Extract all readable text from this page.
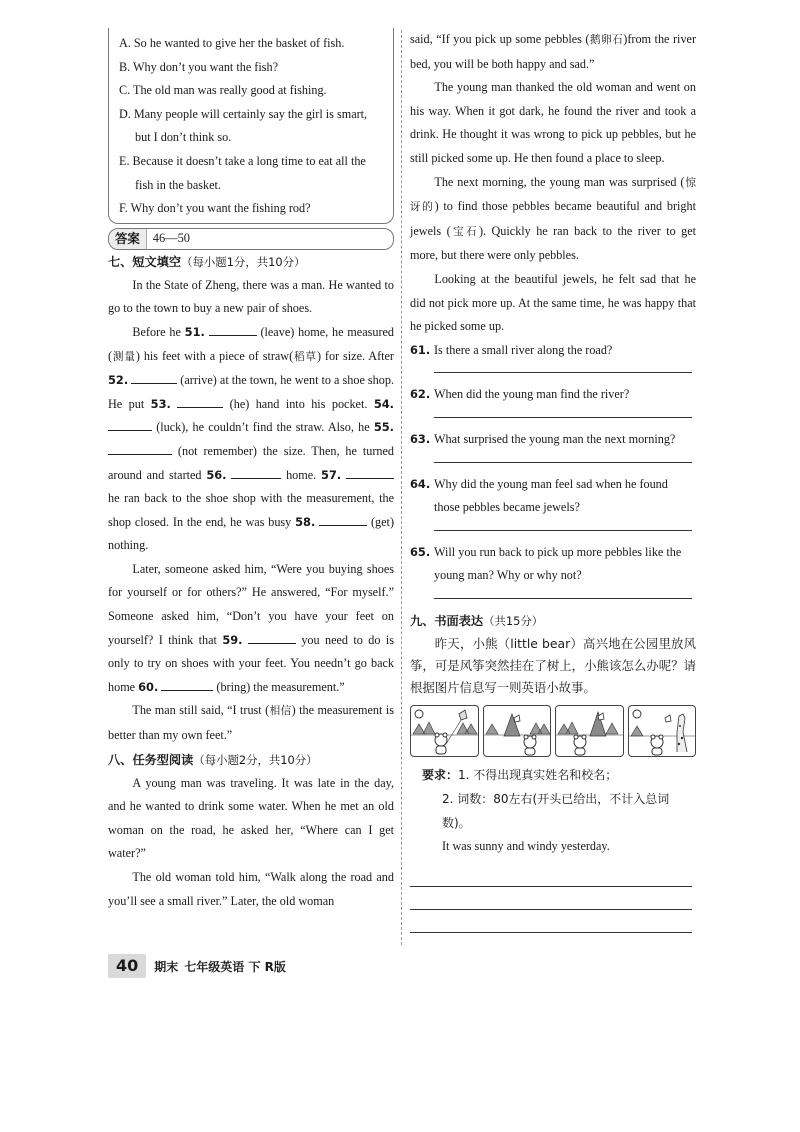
A. So he wanted to give her the basket of fish.

B. Why don’t you want the fish?

C. The old man was really good at fishing.

D. Many people will certainly say the girl is smart, but I don’t think so.

E. Because it doesn’t take a long time to eat all the fish in the basket.

F. Why don’t you want the fishing rod?

答案	46—50
七、短文填空（每小题1分，共10分）

In the State of Zheng, there was a man. He wanted to go to the town to buy a new pair of shoes.

Before he 51.	(leave) home, he measured (测量) his feet with a piece of straw(稻草) for size. After 52.	(arrive) at the town, he went to a shoe shop. He put 53.	(he) hand into his pocket. 54.  (luck), he couldn’t find the straw. Also, he 55.  (not remember) the size. Then, he turned around and started 56.	home. 57.  he ran back to the shoe shop with the measurement, the shop closed. In the end, he was busy 58.	(get) nothing.

Later, someone asked him, “Were you buying shoes for yourself or for others?” He answered, “For myself.” Someone asked him, “Don’t you have your feet on yourself? I think that 59.	you need to do is only to try on shoes with your feet. You needn’t go back home 60.	(bring) the measurement.”

The man still said, “I trust (相信) the measurement is better than my own feet.”

八、任务型阅读（每小题2分，共10分）

A young man was traveling. It was late in the day, and he wanted to drink some water. When he met an old woman on the road, he asked her, “Where can I get water?”

The old woman told him, “Walk along the road and you’ll see a small river.” Later, the old woman

said, “If you pick up some pebbles (鹅卵石)from the river bed, you will be both happy and sad.”

The young man thanked the old woman and went on his way. When it got dark, he found the river and took a drink. He thought it was wrong to pick up pebbles, but he still picked some up. He then found a place to sleep.

The next morning, the young man was surprised (惊讶的) to find those pebbles became beautiful and bright jewels (宝石). Quickly he ran back to the river to get more, but there were only pebbles.

Looking at the beautiful jewels, he felt sad that he did not pick more up. At the same time, he was happy that he picked some up.

61. Is there a small river along the road?

62. When did the young man find the river?

63. What surprised the young man the next morning?

64. Why did the young man feel sad when he found those pebbles became jewels?

65. Will you run back to pick up more pebbles like the young man? Why or why not?

九、书面表达（共15分）

昨天，小熊（little bear）高兴地在公园里放风筝，可是风筝突然挂在了树上，小熊该怎么办呢？请根据图片信息写一则英语小故事。

要求：1. 不得出现真实姓名和校名；

2. 词数：80左右(开头已给出，不计入总词数)。

It was sunny and windy yesterday.

40	期末 七年级英语 下 R版
